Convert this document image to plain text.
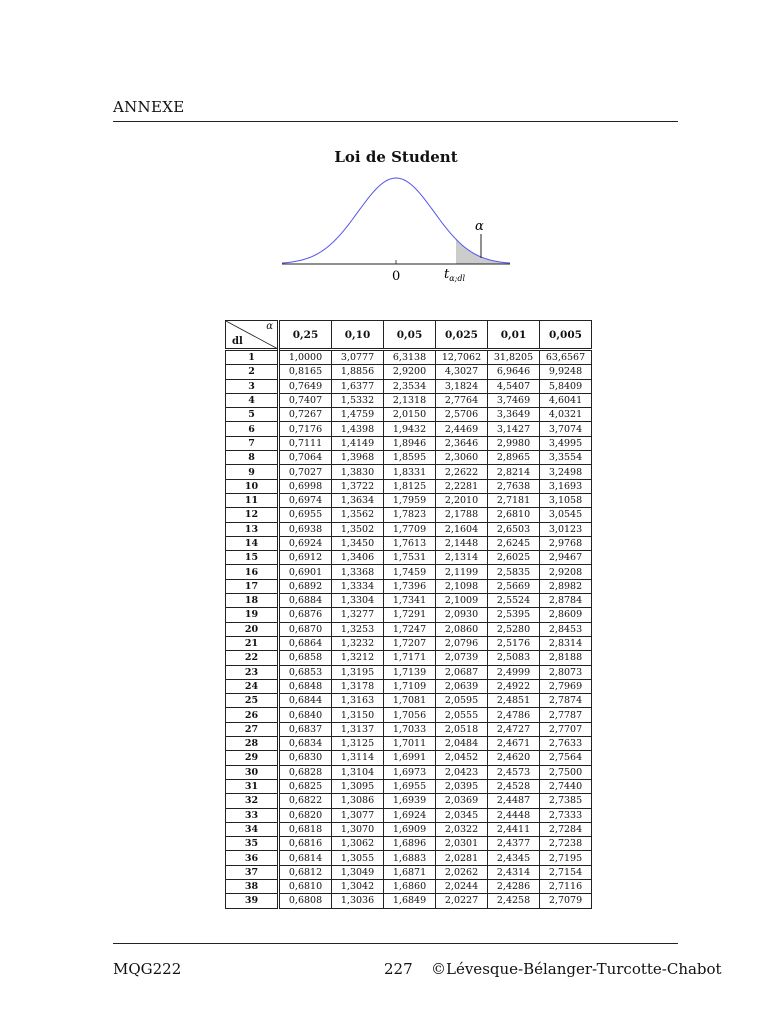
ANNEXE
Loi de Student
α
0	$t_{\alpha;dl}$
α
dl	0,25	0,10	0,05	0,025	0,01	0,005
1	1,0000	3,0777	6,3138	12,7062	31,8205	63,6567
2	0,8165	1,8856	2,9200	4,3027	6,9646	9,9248
3	0,7649	1,6377	2,3534	3,1824	4,5407	5,8409
4	0,7407	1,5332	2,1318	2,7764	3,7469	4,6041
5	0,7267	1,4759	2,0150	2,5706	3,3649	4,0321
6	0,7176	1,4398	1,9432	2,4469	3,1427	3,7074
7	0,7111	1,4149	1,8946	2,3646	2,9980	3,4995
8	0,7064	1,3968	1,8595	2,3060	2,8965	3,3554
9	0,7027	1,3830	1,8331	2,2622	2,8214	3,2498
10	0,6998	1,3722	1,8125	2,2281	2,7638	3,1693
11	0,6974	1,3634	1,7959	2,2010	2,7181	3,1058
12	0,6955	1,3562	1,7823	2,1788	2,6810	3,0545
13	0,6938	1,3502	1,7709	2,1604	2,6503	3,0123
14	0,6924	1,3450	1,7613	2,1448	2,6245	2,9768
15	0,6912	1,3406	1,7531	2,1314	2,6025	2,9467
16	0,6901	1,3368	1,7459	2,1199	2,5835	2,9208
17	0,6892	1,3334	1,7396	2,1098	2,5669	2,8982
18	0,6884	1,3304	1,7341	2,1009	2,5524	2,8784
19	0,6876	1,3277	1,7291	2,0930	2,5395	2,8609
20	0,6870	1,3253	1,7247	2,0860	2,5280	2,8453
21	0,6864	1,3232	1,7207	2,0796	2,5176	2,8314
22	0,6858	1,3212	1,7171	2,0739	2,5083	2,8188
23	0,6853	1,3195	1,7139	2,0687	2,4999	2,8073
24	0,6848	1,3178	1,7109	2,0639	2,4922	2,7969
25	0,6844	1,3163	1,7081	2,0595	2,4851	2,7874
26	0,6840	1,3150	1,7056	2,0555	2,4786	2,7787
27	0,6837	1,3137	1,7033	2,0518	2,4727	2,7707
28	0,6834	1,3125	1,7011	2,0484	2,4671	2,7633
29	0,6830	1,3114	1,6991	2,0452	2,4620	2,7564
30	0,6828	1,3104	1,6973	2,0423	2,4573	2,7500
31	0,6825	1,3095	1,6955	2,0395	2,4528	2,7440
32	0,6822	1,3086	1,6939	2,0369	2,4487	2,7385
33	0,6820	1,3077	1,6924	2,0345	2,4448	2,7333
34	0,6818	1,3070	1,6909	2,0322	2,4411	2,7284
35	0,6816	1,3062	1,6896	2,0301	2,4377	2,7238
36	0,6814	1,3055	1,6883	2,0281	2,4345	2,7195
37	0,6812	1,3049	1,6871	2,0262	2,4314	2,7154
38	0,6810	1,3042	1,6860	2,0244	2,4286	2,7116
39	0,6808	1,3036	1,6849	2,0227	2,4258	2,7079
MQG222	227 ©Lévesque-Bélanger-Turcotte-Chabot
